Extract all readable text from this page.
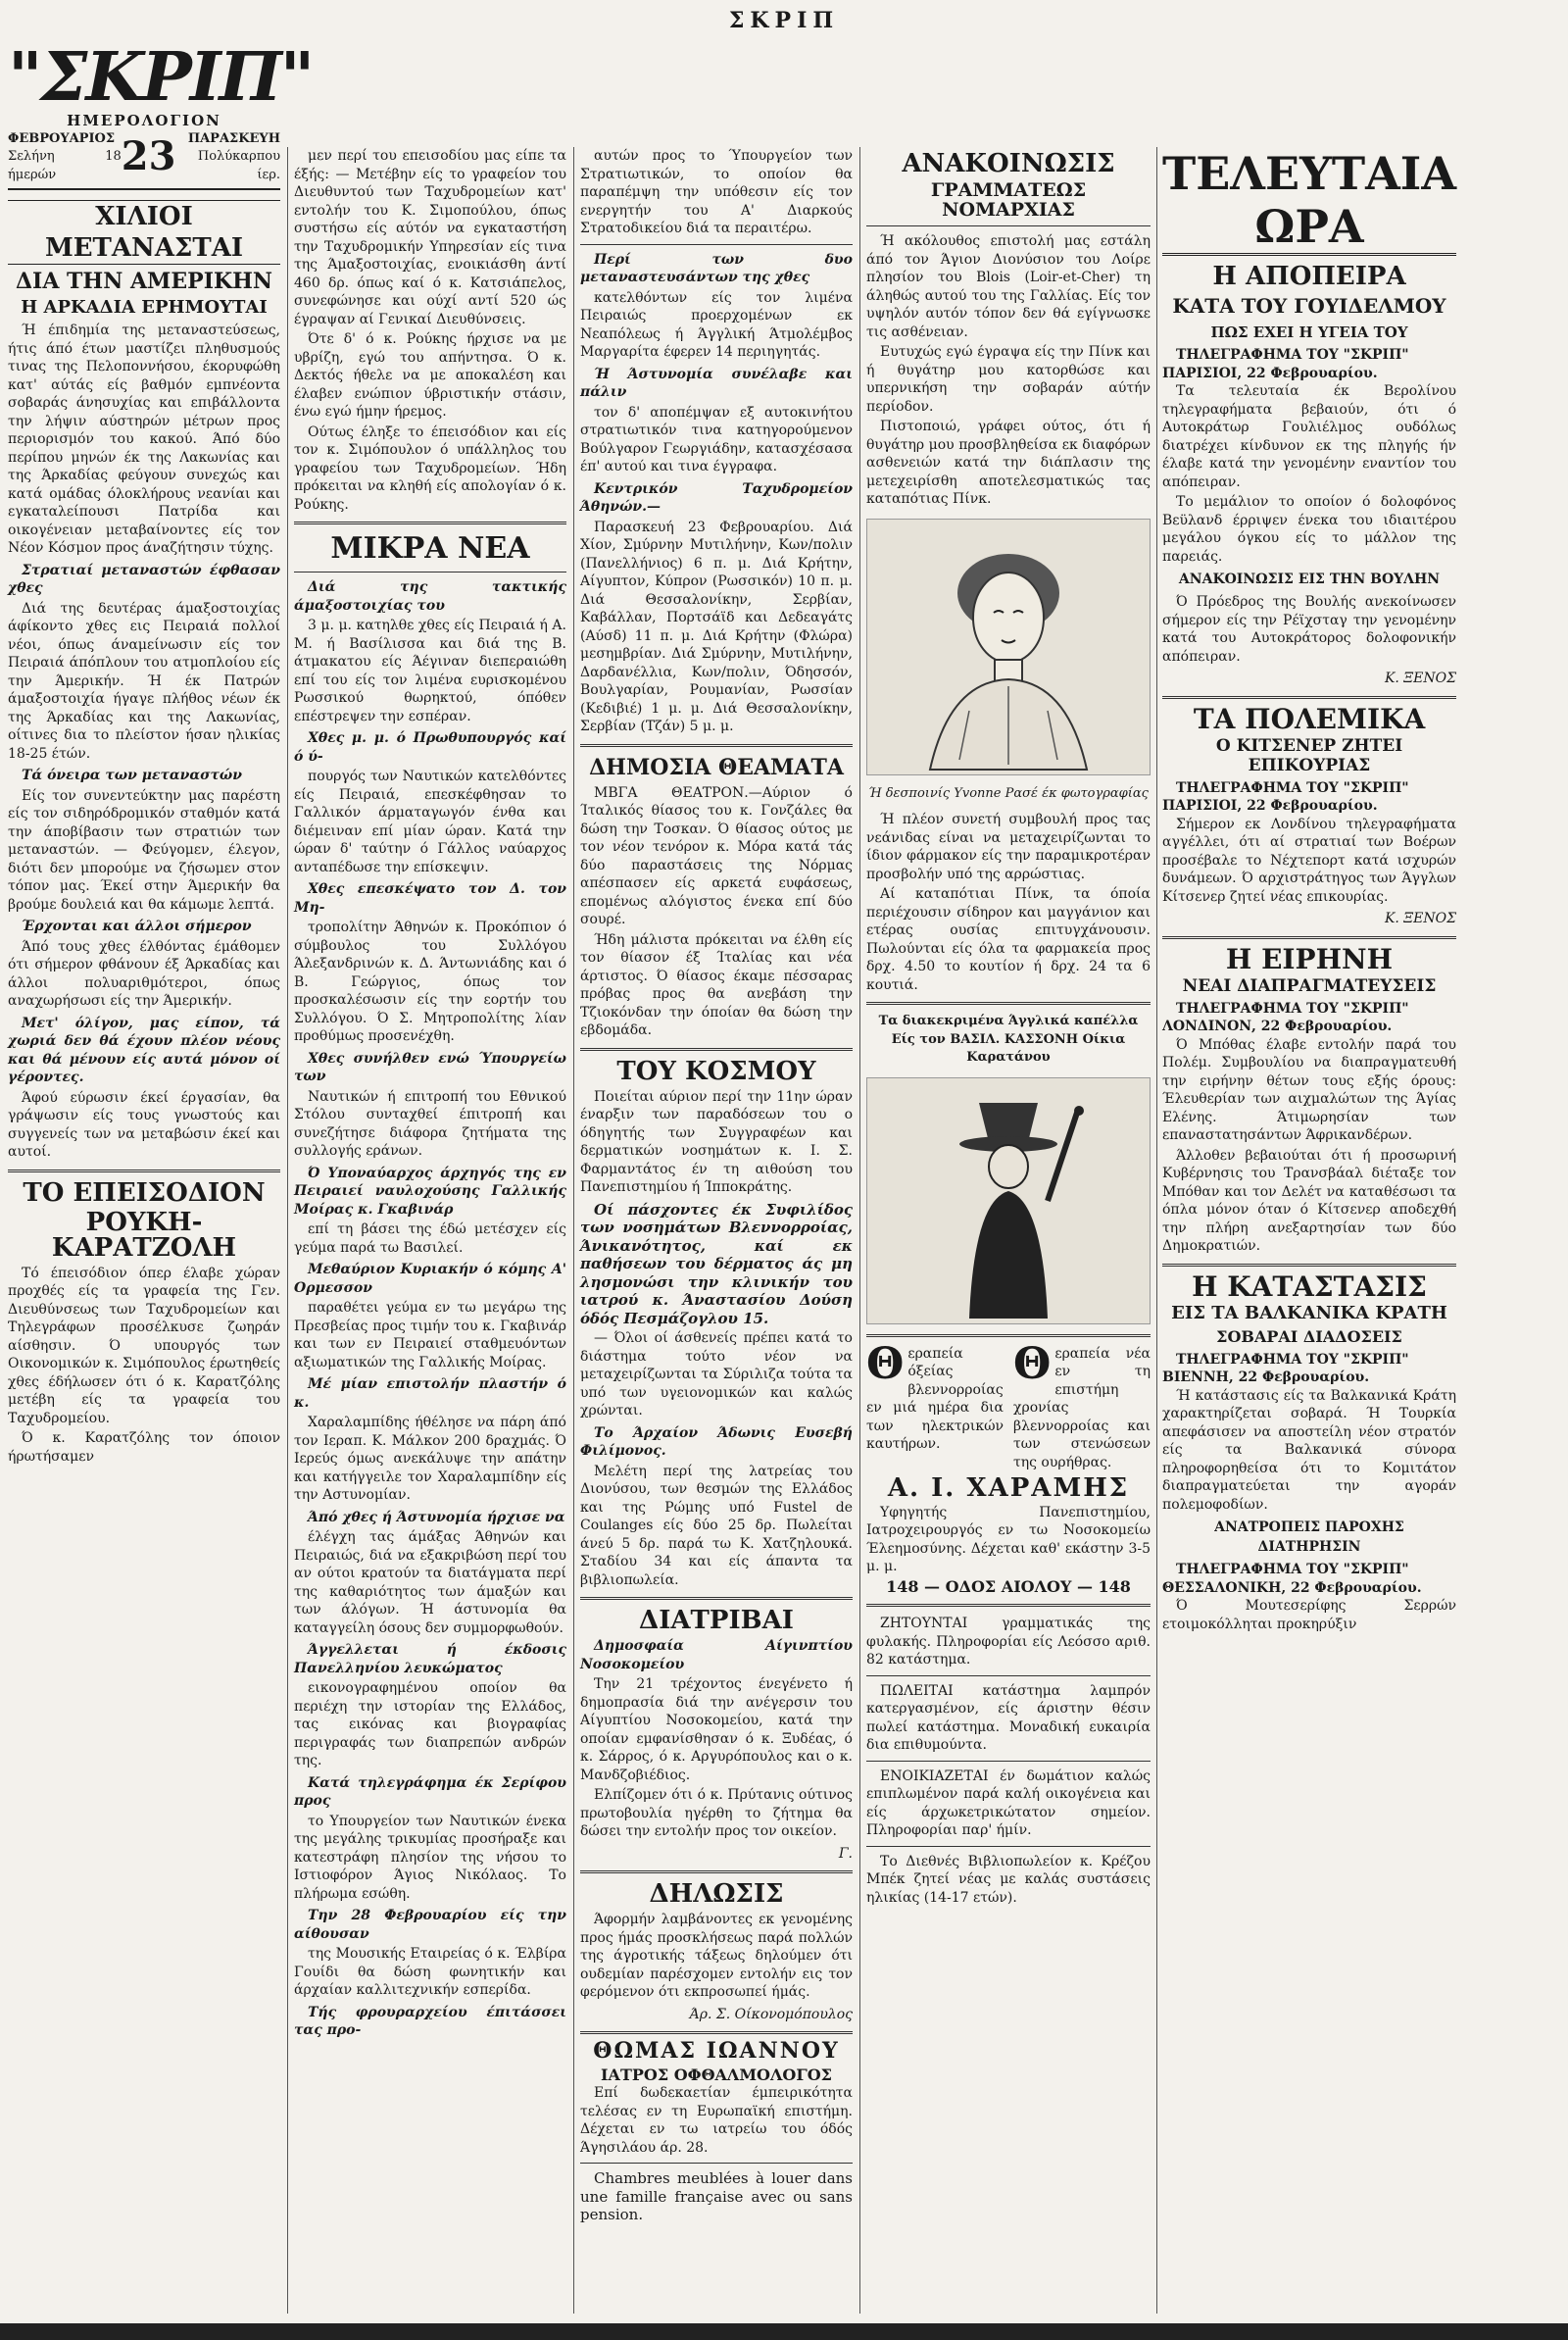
ΣΚΡΙΠ
"ΣΚΡΙΠ"
ΗΜΕΡΟΛΟΓΙΟΝ
ΦΕΒΡΟΥΑΡΙΟΣ
Σελήνη 18 ήμερών	23 ΠΑΡΑΣΚΕΥΗ
Πολύκαρπου ίερ.
ΧΙΛΙΟΙ ΜΕΤΑΝΑΣΤΑΙ
ΔΙΑ ΤΗΝ ΑΜΕΡΙΚΗΝ
Η ΑΡΚΑΔΙΑ ΕΡΗΜΟΥΤΑΙ

Ή έπιδημία της μεταναστεύσεως, ήτις άπό έτων μαστίζει πληθυσμούς τινας της Πελοποννήσου, έκορυφώθη κατ' αύτάς είς βαθμόν εμπνέοντα σοβαράς άνησυχίας και επιβάλλοντα την λήψιν αύστηρών μέτρων προς περιορισμόν του κακού. Άπό δύο περίπου μηνών έκ της Λακωνίας και της Άρκαδίας φεύγουν συνεχώς και κατά ομάδας όλοκλήρους νεανίαι και εγκαταλείπουσι Πατρίδα και οικογένειαν μεταβαίνοντες είς τον Νέον Κόσμον προς άναζήτησιν τύχης.

Στρατιαί μεταναστών έφθασαν χθες

Διά της δευτέρας άμαξοστοιχίας άφίκοντο χθες εις Πειραιά πολλοί νέοι, όπως άναμείνωσιν είς τον Πειραιά άπόπλουν του ατμοπλοίου είς την Άμερικήν. Ή έκ Πατρών άμαξοστοιχία ήγαγε πλήθος νέων έκ της Άρκαδίας και της Λακωνίας, οίτινες δια το πλείστον ήσαν ηλικίας 18-25 έτών.

Τά όνειρα των μεταναστών

Είς τον συνεντεύκτην μας παρέστη είς τον σιδηρόδρομικόν σταθμόν κατά την άποβίβασιν των στρατιών των μεταναστών. — Φεύγομεν, έλεγον, διότι δεν μπορούμε να ζήσωμεν στον τόπον μας. Έκεί στην Άμερικήν θα βρούμε δουλειά και θα κάμωμε λεπτά.

Έρχονται και άλλοι σήμερον

Άπό τους χθες έλθόντας έμάθομεν ότι σήμερον φθάνουν έξ Άρκαδίας και άλλοι πολυαριθμότεροι, όπως αναχωρήσωσι είς την Άμερικήν.

Μετ' όλίγον, μας είπον, τά χωριά δεν θά έχουν πλέον νέους και θά μένουν είς αυτά μόνον οί γέροντες.

Άφού εύρωσιν έκεί έργασίαν, θα γράψωσιν είς τους γνωστούς και συγγενείς των να μεταβώσιν έκεί και αυτοί.

ΤΟ ΕΠΕΙΣΟΔΙΟΝ
ΡΟΥΚΗ-ΚΑΡΑΤΖΟΛΗ

Τό έπεισόδιον όπερ έλαβε χώραν προχθές είς τα γραφεία της Γεν. Διευθύνσεως των Ταχυδρομείων και Τηλεγράφων προσέλκυσε ζωηράν αίσθησιν. Ό υπουργός των Οικονομικών κ. Σιμόπουλος έρωτηθείς χθες έδήλωσεν ότι ό κ. Καρατζόλης μετέβη είς τα γραφεία του Ταχυδρομείου.

Ό κ. Καρατζόλης τον όποιον ήρωτήσαμεν

μεν περί του επεισοδίου μας είπε τα έξής: — Μετέβην είς το γραφείον του Διευθυντού των Ταχυδρομείων κατ' εντολήν του Κ. Σιμοπούλου, όπως συστήσω είς αύτόν να εγκαταστήση την Ταχυδρομικήν Υπηρεσίαν είς τινα της Άμαξοστοιχίας, ενοικιάσθη άντί 460 δρ. όπως καί ό κ. Κατσιάπελος, συνεφώνησε και ούχί αντί 520 ώς έγραψαν αί Γενικαί Διευθύνσεις.

Ότε δ' ό κ. Ρούκης ήρχισε να με υβρίζη, εγώ του απήντησα. Ό κ. Δεκτός ήθελε να με αποκαλέση και έλαβεν ενώπιον ύβριστικήν στάσιν, ένω εγώ ήμην ήρεμος.

Ούτως έληξε το έπεισόδιον και είς τον κ. Σιμόπουλον ό υπάλληλος του γραφείου των Ταχυδρομείων. Ήδη πρόκειται να κληθή είς απολογίαν ό κ. Ρούκης.

ΜΙΚΡΑ ΝΕΑ
Διά της τακτικής άμαξοστοιχίας του

3 μ. μ. κατηλθε χθες είς Πειραιά ή Α. Μ. ή Βασίλισσα και διά της Β. άτμακατου είς Άέγιναν διεπεραιώθη επί του είς τον λιμένα ευρισκομένου Ρωσσικού θωρηκτού, όπόθεν επέστρεψεν την εσπέραν.

Χθες μ. μ. ό Πρωθυπουργός καί ό ύ-

πουργός των Ναυτικών κατελθόντες είς Πειραιά, επεσκέφθησαν το Γαλλικόν άρματαγωγόν ένθα και διέμειναν επί μίαν ώραν. Κατά την ώραν δ' ταύτην ό Γάλλος ναύαρχος ανταπέδωσε την επίσκεψιν.

Χθες επεσκέψατο τον Δ. τον Μη-

τροπολίτην Άθηνών κ. Προκόπιον ό σύμβουλος του Συλλόγου Άλεξανδρινών κ. Δ. Άντωνιάδης και ό Β. Γεώργιος, όπως τον προσκαλέσωσιν είς την εορτήν του Συλλόγου. Ό Σ. Μητροπολίτης λίαν προθύμως προσενέχθη.

Χθες συνήλθεν ενώ Ύπουργείω των

Ναυτικών ή επιτροπή του Εθνικού Στόλου συνταχθεί έπιτροπή και συνεζήτησε διάφορα ζητήματα της συλλογής εράνων.

Ό Υποναύαρχος άρχηγός της εν Πειραιεί ναυλοχούσης Γαλλικής Μοίρας κ. Γκαβινάρ

επί τη βάσει της έδώ μετέσχεν είς γεύμα παρά τω Βασιλεί.

Μεθαύριον Κυριακήν ό κόμης Α' Ορμεσσον

παραθέτει γεύμα εν τω μεγάρω της Πρεσβείας προς τιμήν του κ. Γκαβινάρ και των εν Πειραιεί σταθμευόντων αξιωματικών της Γαλλικής Μοίρας.

Μέ μίαν επιστολήν πλαστήν ό κ.

Χαραλαμπίδης ήθέλησε να πάρη άπό τον Ιεραπ. Κ. Μάλκον 200 δραχμάς. Ό Ιερεύς όμως ανεκάλυψε την απάτην και κατήγγειλε τον Χαραλαμπίδην είς την Αστυνομίαν.

Άπό χθες ή Άστυνομία ήρχισε να

έλέγχη τας άμάξας Άθηνών και Πειραιώς, διά να εξακριβώση περί του αν ούτοι κρατούν τα διατάγματα περί της καθαριότητος των άμαξών και των άλόγων. Ή άστυνομία θα καταγγείλη όσους δεν συμμορφωθούν.

Άγγελλεται ή έκδοσις Πανελληνίου λευκώματος

εικονογραφημένου οποίον θα περιέχη την ιστορίαν της Ελλάδος, τας εικόνας και βιογραφίας περιγραφάς των διαπρεπών ανδρών της.

Κατά τηλεγράφημα έκ Σερίφου προς

το Υπουργείον των Ναυτικών ένεκα της μεγάλης τρικυμίας προσήραξε και κατεστράφη πλησίον της νήσου το Ιστιοφόρον Άγιος Νικόλαος. Το πλήρωμα εσώθη.

Την 28 Φεβρουαρίου είς την αίθουσαν

της Μουσικής Εταιρείας ό κ. Έλβίρα Γουίδι θα δώση φωνητικήν και άρχαίαν καλλιτεχνικήν εσπερίδα.

Τής φρουραρχείου έπιτάσσει τας προ-

αυτών προς το Ύπουργείον των Στρατιωτικών, το οποίον θα παραπέμψη την υπόθεσιν είς τον ενεργητήν του Α' Διαρκούς Στρατοδικείου διά τα περαιτέρω.

Περί των δυο μεταναστευσάντων της χθες

κατελθόντων είς τον λιμένα Πειραιώς προερχομένων εκ Νεαπόλεως ή Άγγλική Άτμολέμβος Μαργαρίτα έφερεν 14 περιηγητάς.

Ή Άστυνομία συνέλαβε και πάλιν

τον δ' αποπέμψαν εξ αυτοκινήτου στρατιωτικόν τινα κατηγορούμενον Βούλγαρον Γεωργιάδην, κατασχέσασα έπ' αυτού και τινα έγγραφα.

Κεντρικόν Ταχυδρομείον Άθηνών.—

Παρασκευή 23 Φεβρουαρίου. Διά Χίον, Σμύρνην Μυτιλήνην, Κων/πολιν (Πανελλήνιος) 6 π. μ. Διά Κρήτην, Αίγυπτον, Κύπρον (Ρωσσικόν) 10 π. μ. Διά Θεσσαλονίκην, Σερβίαν, Καβάλλαν, Πορτσάϊδ και Δεδεαγάτς (Αύσδ) 11 π. μ. Διά Κρήτην (Φλώρα) μεσημβρίαν. Διά Σμύρνην, Μυτιλήνην, Δαρδανέλλια, Κων/πολιν, Όδησσόν, Βουλγαρίαν, Ρουμανίαν, Ρωσσίαν (Κεδιβιέ) 1 μ. μ. Διά Θεσσαλονίκην, Σερβίαν (Τζάν) 5 μ. μ.

ΔΗΜΟΣΙΑ ΘΕΑΜΑΤΑ

ΜΒΓΑ ΘΕΑΤΡΟΝ.—Αύριον ό Ίταλικός θίασος του κ. Γονζάλες θα δώση την Τοσκαν. Ό θίασος ούτος με τον νέον τενόρον κ. Μόρα κατά τάς δύο παραστάσεις της Νόρμας απέσπασεν είς αρκετά ευφάσεως, επομένως αλόγιστος ένεκα επί δύο σουρέ.

Ήδη μάλιστα πρόκειται να έλθη είς τον θίασον έξ Ίταλίας και νέα άρτιστος. Ό θίασος έκαμε πέσσαρας πρόβας προς θα ανεβάση την Τζιοκόνδαν την όποίαν θα δώση την εβδομάδα.

ΤΟΥ ΚΟΣΜΟΥ

Ποιείται αύριον περί την 11ην ώραν έναρξιν των παραδόσεων του ο όδηγητής των Συγγραφέων και δερματικών νοσημάτων κ. Ι. Σ. Φαρμαντάτος έν τη αιθούση του Πανεπιστημίου ή Ίπποκράτης.

Οί πάσχοντες έκ Συφιλίδος των νοσημάτων Βλεννορροίας, Άνικανότητος, καί εκ παθήσεων του δέρματος άς μη λησμονώσι την κλινικήν του ιατρού κ. Άναστασίου Δούση όδός Πεσμάζογλου 15.

— Όλοι οί άσθενείς πρέπει κατά το διάστημα τούτο νέον να μεταχειρίζωνται τα Σύριλιζα τούτα τα υπό των υγειονομικών και καλώς χρώνται.

Το Άρχαίον Άδωνις Ευσεβή Φιλίμονος.

Μελέτη περί της λατρείας του Διονύσου, των θεσμών της Ελλάδος και της Ρώμης υπό Fustel de Coulanges είς δύο 25 δρ. Πωλείται άνεύ 5 δρ. παρά τω Κ. Χατζηλουκά. Σταδίου 34 και είς άπαντα τα βιβλιοπωλεία.

ΔΙΑΤΡΙΒΑΙ
Δημοσφαία Αίγινπτίου Νοσοκομείου

Την 21 τρέχοντος ένεγένετο ή δημοπρασία διά την ανέγερσιν του Αίγυπτίου Νοσοκομείου, κατά την οποίαν εμφανίσθησαν ό κ. Ξυδέας, ό κ. Σάρρος, ό κ. Αργυρόπουλος και ο κ. Μανδζοβιέδιος.

Ελπίζομεν ότι ό κ. Πρύτανις ούτινος πρωτοβουλία ηγέρθη το ζήτημα θα δώσει την εντολήν προς τον οικείον.

Γ.
ΔΗΛΩΣΙΣ

Άφορμήν λαμβάνοντες εκ γενομένης προς ήμάς προσκλήσεως παρά πολλών της άγροτικής τάξεως δηλούμεν ότι ουδεμίαν παρέσχομεν εντολήν εις τον φερόμενον ότι εκπροσωπεί ήμάς.

Άρ. Σ. Οίκονομόπουλος
ΘΩΜΑΣ ΙΩΑΝΝΟΥ
ΙΑΤΡΟΣ ΟΦΘΑΛΜΟΛΟΓΟΣ

Επί δωδεκαετίαν έμπειρικότητα τελέσας εν τη Ευρωπαϊκή επιστήμη. Δέχεται εν τω ιατρείω του όδός Άγησιλάου άρ. 28.

Chambres meublées à louer dans une famille française avec ou sans pension.

ΑΝΑΚΟΙΝΩΣΙΣ
ΓΡΑΜΜΑΤΕΩΣ ΝΟΜΑΡΧΙΑΣ

Ή ακόλουθος επιστολή μας εστάλη άπό τον Άγιον Διονύσιον του Λοίρε πλησίον του Blois (Loir-et-Cher) τη άληθώς αυτού του της Γαλλίας. Είς τον υψηλόν αυτόν τόπον δεν θά εγίγνωσκε τις ασθένειαν.

Ευτυχώς εγώ έγραψα είς την Πίνκ και ή θυγάτηρ μου κατορθώσε και υπερνικήση την σοβαράν αύτήν περίοδον.

Πιστοποιώ, γράφει ούτος, ότι ή θυγάτηρ μου προσβληθείσα εκ διαφόρων ασθενειών κατά την διάπλασιν της μετεχειρίσθη αποτελεσματικώς τας καταπότιας Πίνκ.

Ή δεσποινίς Yvonne Ρασέ έκ φωτογραφίας

Ή πλέον συνετή συμβουλή προς τας νεάνιδας είναι να μεταχειρίζωνται το ίδιον φάρμακον είς την παραμικροτέραν προσβολήν υπό της αρρώστιας.

Αί καταπότιαι Πίνκ, τα όποία περιέχουσιν σίδηρον και μαγγάνιον και ετέρας ουσίας επιτυγχάνουσιν. Πωλούνται είς όλα τα φαρμακεία προς δρχ. 4.50 το κουτίον ή δρχ. 24 τα 6 κουτιά.

Τα διακεκριμένα Άγγλικά καπέλλα Είς τον ΒΑΣΙΛ. ΚΑΣΣΟΝΗ Οίκια Καρατάνου
Θ εραπεία όξείας βλεννορροίας εν μιά ημέρα δια των ηλεκτρικών καυτήρων.

Θ εραπεία νέα εν τη επιστήμη χρονίας βλεννορροίας και των στενώσεων της ουρήθρας.

Α. Ι. ΧΑΡΑΜΗΣ

Υφηγητής Πανεπιστημίου, Ιατροχειρουργός εν τω Νοσοκομείω Έλεημοσύνης. Δέχεται καθ' εκάστην 3-5 μ. μ.

148 — ΟΔΟΣ ΑΙΟΛΟΥ — 148

ΖΗΤΟΥΝΤΑΙ γραμματικάς της φυλακής. Πληροφορίαι είς Λεόσσο αριθ. 82 κατάστημα.

ΠΩΛΕΙΤΑΙ κατάστημα λαμπρόν κατεργασμένον, είς άριστην θέσιν πωλεί κατάστημα. Μοναδική ευκαιρία δια επιθυμούντα.

ΕΝΟΙΚΙΑΖΕΤΑΙ έν δωμάτιον καλώς επιπλωμένον παρά καλή οικογένεια και είς άρχωκετρικώτατον σημείον. Πληροφορίαι παρ' ήμίν.

Το Διεθνές Βιβλιοπωλείον κ. Κρέζου Μπέκ ζητεί νέας με καλάς συστάσεις ηλικίας (14-17 ετών).

ΤΕΛΕΥΤΑΙΑ ΩΡΑ
Η ΑΠΟΠΕΙΡΑ
ΚΑΤΑ ΤΟΥ ΓΟΥΙΔΕΛΜΟΥ
ΠΩΣ ΕΧΕΙ Η ΥΓΕΙΑ ΤΟΥ
ΤΗΛΕΓΡΑΦΗΜΑ ΤΟΥ "ΣΚΡΙΠ" ΠΑΡΙΣΙΟΙ, 22 Φεβρουαρίου.

Τα τελευταία έκ Βερολίνου τηλεγραφήματα βεβαιούν, ότι ό Αυτοκράτωρ Γουλιέλμος ουδόλως διατρέχει κίνδυνον εκ της πληγής ήν έλαβε κατά την γενομένην εναντίον του απόπειραν.

Το μεμάλιον το οποίον ό δολοφόνος Βεϋλανδ έρριψεν ένεκα του ιδιαιτέρου μεγάλου όγκου είς το μάλλον της παρειάς.

ΑΝΑΚΟΙΝΩΣΙΣ ΕΙΣ ΤΗΝ ΒΟΥΛΗΝ

Ό Πρόεδρος της Βουλής ανεκοίνωσεν σήμερον είς την Ρέϊχσταγ την γενομένην κατά του Αυτοκράτορος δολοφονικήν απόπειραν.

Κ. ΞΕΝΟΣ
ΤΑ ΠΟΛΕΜΙΚΑ
Ο ΚΙΤΣΕΝΕΡ ΖΗΤΕΙ ΕΠΙΚΟΥΡΙΑΣ
ΤΗΛΕΓΡΑΦΗΜΑ ΤΟΥ "ΣΚΡΙΠ" ΠΑΡΙΣΙΟΙ, 22 Φεβρουαρίου.

Σήμερον εκ Λονδίνου τηλεγραφήματα αγγέλλει, ότι αί στρατιαί των Βοέρων προσέβαλε το Νέχτεπορτ κατά ισχυρών δυνάμεων. Ό αρχιστράτηγος των Άγγλων Κίτσενερ ζητεί νέας επικουρίας.

Κ. ΞΕΝΟΣ
Η ΕΙΡΗΝΗ
ΝΕΑΙ ΔΙΑΠΡΑΓΜΑΤΕΥΣΕΙΣ
ΤΗΛΕΓΡΑΦΗΜΑ ΤΟΥ "ΣΚΡΙΠ" ΛΟΝΔΙΝΟΝ, 22 Φεβρουαρίου.

Ό Μπόθας έλαβε εντολήν παρά του Πολέμ. Συμβουλίου να διαπραγματευθή την ειρήνην θέτων τους εξής όρους: Έλευθερίαν των αιχμαλώτων της Άγίας Ελένης. Άτιμωρησίαν των επαναστατησάντων Άφρικανδέρων.

Άλλοθεν βεβαιούται ότι ή προσωρινή Κυβέρνησις του Τρανσβάαλ διέταξε τον Μπόθαν και τον Δελέτ να καταθέσωσι τα όπλα μόνον όταν ό Κίτσενερ αποδεχθή την πλήρη ανεξαρτησίαν των δύο Δημοκρατιών.

Η ΚΑΤΑΣΤΑΣΙΣ
ΕΙΣ ΤΑ ΒΑΛΚΑΝΙΚΑ ΚΡΑΤΗ
ΣΟΒΑΡΑΙ ΔΙΑΔΟΣΕΙΣ
ΤΗΛΕΓΡΑΦΗΜΑ ΤΟΥ "ΣΚΡΙΠ" ΒΙΕΝΝΗ, 22 Φεβρουαρίου.

Ή κατάστασις είς τα Βαλκανικά Κράτη χαρακτηρίζεται σοβαρά. Ή Τουρκία απεφάσισεν να αποστείλη νέον στρατόν είς τα Βαλκανικά σύνορα πληροφορηθείσα ότι το Κομιτάτον διαπραγματεύεται την αγοράν πολεμοφοδίων.

ΑΝΑΤΡΟΠΕΙΣ ΠΑΡΟΧΗΣ ΔΙΑΤΗΡΗΣΙΝ
ΤΗΛΕΓΡΑΦΗΜΑ ΤΟΥ "ΣΚΡΙΠ" ΘΕΣΣΑΛΟΝΙΚΗ, 22 Φεβρουαρίου.

Ό Μουτεσερίφης Σερρών ετοιμοκόλληται προκηρύξιν
